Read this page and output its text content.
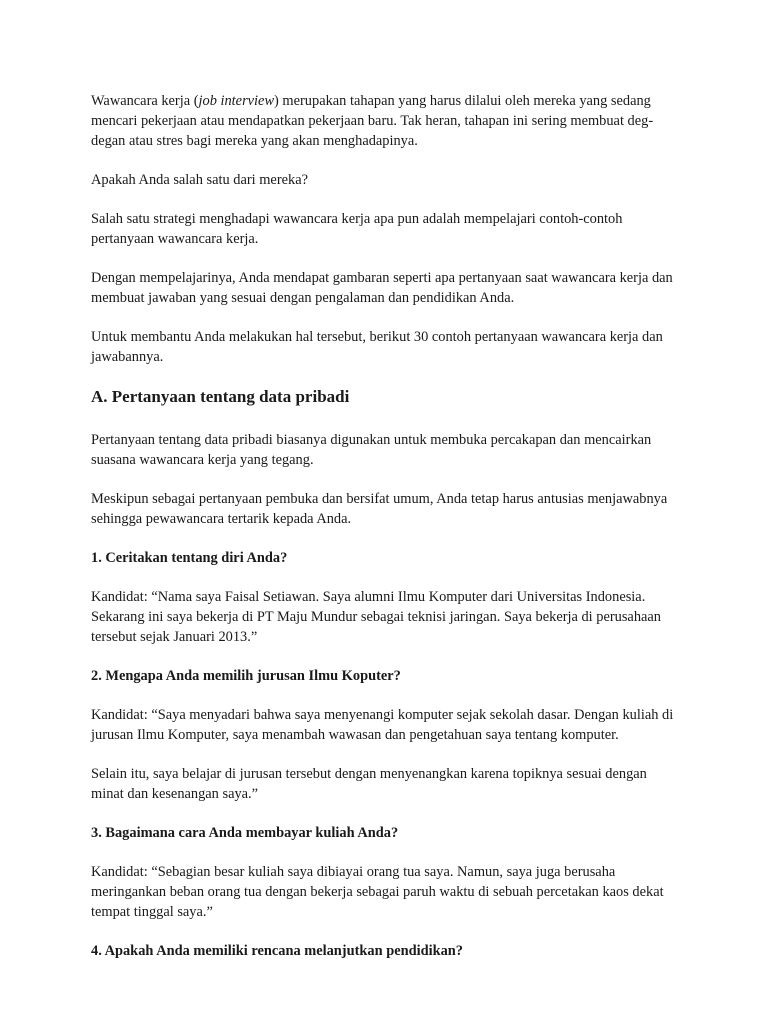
Wawancara kerja (job interview) merupakan tahapan yang harus dilalui oleh mereka yang sedang mencari pekerjaan atau mendapatkan pekerjaan baru. Tak heran, tahapan ini sering membuat deg-degan atau stres bagi mereka yang akan menghadapinya.

Apakah Anda salah satu dari mereka?

Salah satu strategi menghadapi wawancara kerja apa pun adalah mempelajari contoh-contoh pertanyaan wawancara kerja.

Dengan mempelajarinya, Anda mendapat gambaran seperti apa pertanyaan saat wawancara kerja dan membuat jawaban yang sesuai dengan pengalaman dan pendidikan Anda.

Untuk membantu Anda melakukan hal tersebut, berikut 30 contoh pertanyaan wawancara kerja dan jawabannya.

A. Pertanyaan tentang data pribadi

Pertanyaan tentang data pribadi biasanya digunakan untuk membuka percakapan dan mencairkan suasana wawancara kerja yang tegang.

Meskipun sebagai pertanyaan pembuka dan bersifat umum, Anda tetap harus antusias menjawabnya sehingga pewawancara tertarik kepada Anda.

1. Ceritakan tentang diri Anda?

Kandidat: “Nama saya Faisal Setiawan. Saya alumni Ilmu Komputer dari Universitas Indonesia. Sekarang ini saya bekerja di PT Maju Mundur sebagai teknisi jaringan. Saya bekerja di perusahaan tersebut sejak Januari 2013.”

2. Mengapa Anda memilih jurusan Ilmu Koputer?

Kandidat: “Saya menyadari bahwa saya menyenangi komputer sejak sekolah dasar. Dengan kuliah di jurusan Ilmu Komputer, saya menambah wawasan dan pengetahuan saya tentang komputer.

Selain itu, saya belajar di jurusan tersebut dengan menyenangkan karena topiknya sesuai dengan minat dan kesenangan saya.”

3. Bagaimana cara Anda membayar kuliah Anda?

Kandidat: “Sebagian besar kuliah saya dibiayai orang tua saya. Namun, saya juga berusaha meringankan beban orang tua dengan bekerja sebagai paruh waktu di sebuah percetakan kaos dekat tempat tinggal saya.”

4. Apakah Anda memiliki rencana melanjutkan pendidikan?
